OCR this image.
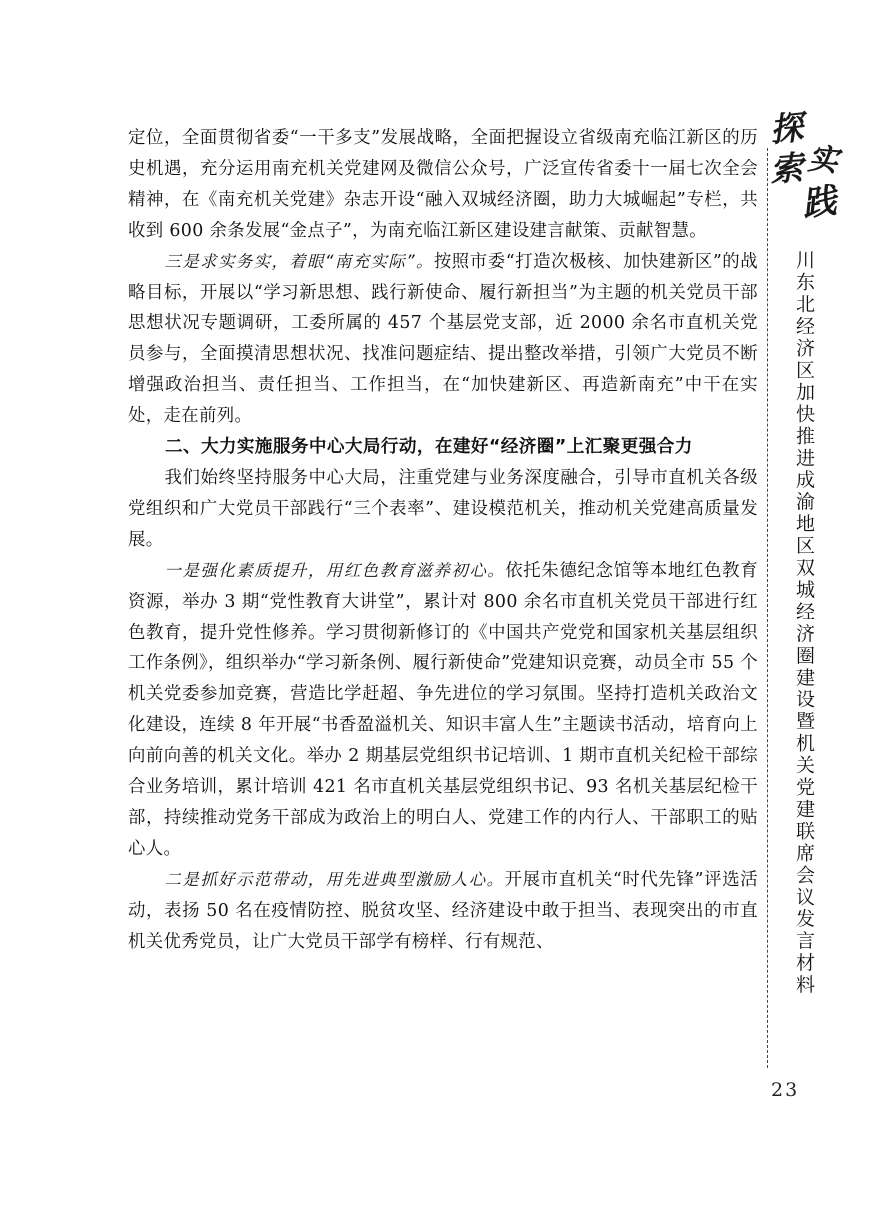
定位，全面贯彻省委“一干多支”发展战略，全面把握设立省级南充临江新区的历史机遇，充分运用南充机关党建网及微信公众号，广泛宣传省委十一届七次全会精神，在《南充机关党建》杂志开设“融入双城经济圈，助力大城崛起”专栏，共收到 600 余条发展“金点子”，为南充临江新区建设建言献策、贡献智慧。

三是求实务实，着眼“南充实际”。按照市委“打造次极核、加快建新区”的战略目标，开展以“学习新思想、践行新使命、履行新担当”为主题的机关党员干部思想状况专题调研，工委所属的 457 个基层党支部，近 2000 余名市直机关党员参与，全面摸清思想状况、找准问题症结、提出整改举措，引领广大党员不断增强政治担当、责任担当、工作担当，在“加快建新区、再造新南充”中干在实处，走在前列。

二、大力实施服务中心大局行动，在建好“经济圈”上汇聚更强合力

我们始终坚持服务中心大局，注重党建与业务深度融合，引导市直机关各级党组织和广大党员干部践行“三个表率”、建设模范机关，推动机关党建高质量发展。

一是强化素质提升，用红色教育滋养初心。依托朱德纪念馆等本地红色教育资源，举办 3 期“党性教育大讲堂”，累计对 800 余名市直机关党员干部进行红色教育，提升党性修养。学习贯彻新修订的《中国共产党党和国家机关基层组织工作条例》，组织举办“学习新条例、履行新使命”党建知识竞赛，动员全市 55 个机关党委参加竞赛，营造比学赶超、争先进位的学习氛围。坚持打造机关政治文化建设，连续 8 年开展“书香盈溢机关、知识丰富人生”主题读书活动，培育向上向前向善的机关文化。举办 2 期基层党组织书记培训、1 期市直机关纪检干部综合业务培训，累计培训 421 名市直机关基层党组织书记、93 名机关基层纪检干部，持续推动党务干部成为政治上的明白人、党建工作的内行人、干部职工的贴心人。

二是抓好示范带动，用先进典型激励人心。开展市直机关“时代先锋”评选活动，表扬 50 名在疫情防控、脱贫攻坚、经济建设中敢于担当、表现突出的市直机关优秀党员，让广大党员干部学有榜样、行有规范、

探
索 实
践
川东北经济区加快推进成渝地区双城经济圈建设暨机关党建联席会议发言材料
23
